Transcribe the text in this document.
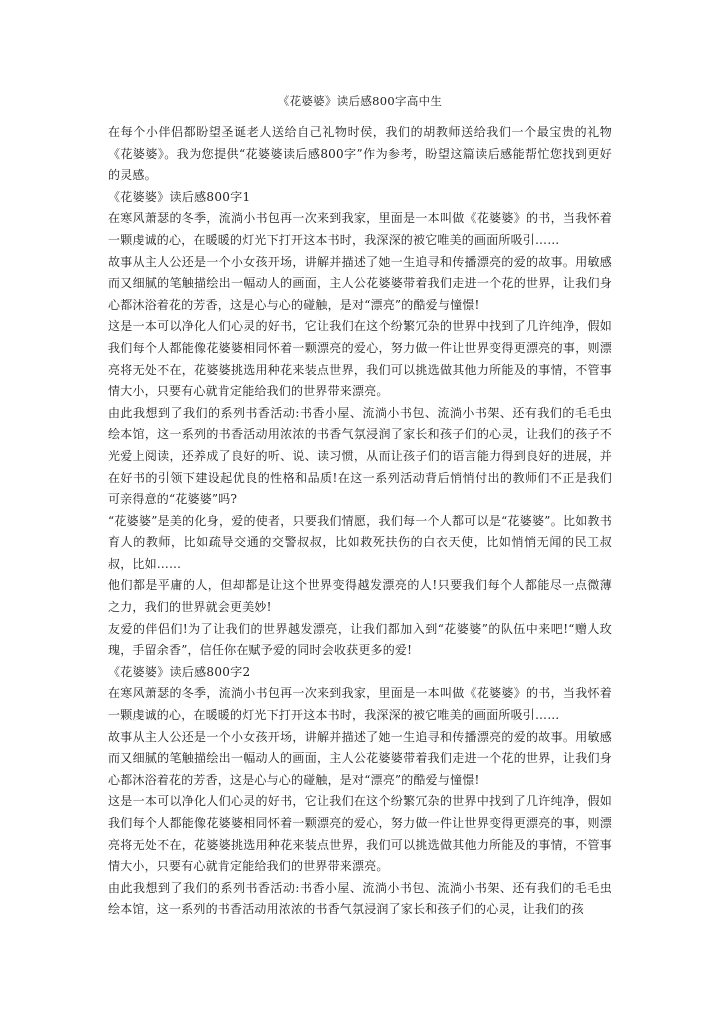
《花婆婆》读后感800字高中生

在每个小伴侣都盼望圣诞老人送给自己礼物时侯，我们的胡教师送给我们一个最宝贵的礼物《花婆婆》。我为您提供“花婆婆读后感800字”作为参考，盼望这篇读后感能帮忙您找到更好的灵感。

《花婆婆》读后感800字1

在寒风萧瑟的冬季，流淌小书包再一次来到我家，里面是一本叫做《花婆婆》的书，当我怀着一颗虔诚的心，在暖暖的灯光下打开这本书时，我深深的被它唯美的画面所吸引……

故事从主人公还是一个小女孩开场，讲解并描述了她一生追寻和传播漂亮的爱的故事。用敏感而又细腻的笔触描绘出一幅动人的画面，主人公花婆婆带着我们走进一个花的世界，让我们身心都沐浴着花的芳香，这是心与心的碰触，是对“漂亮”的酷爱与憧憬!

这是一本可以净化人们心灵的好书，它让我们在这个纷繁冗杂的世界中找到了几许纯净，假如我们每个人都能像花婆婆相同怀着一颗漂亮的爱心，努力做一件让世界变得更漂亮的事，则漂亮将无处不在，花婆婆挑选用种花来装点世界，我们可以挑选做其他力所能及的事情，不管事情大小，只要有心就肯定能给我们的世界带来漂亮。

由此我想到了我们的系列书香活动:书香小屋、流淌小书包、流淌小书架、还有我们的毛毛虫绘本馆，这一系列的书香活动用浓浓的书香气氛浸润了家长和孩子们的心灵，让我们的孩子不光爱上阅读，还养成了良好的听、说、读习惯，从而让孩子们的语言能力得到良好的进展，并在好书的引领下建设起优良的性格和品质!在这一系列活动背后悄悄付出的教师们不正是我们可亲得意的“花婆婆”吗?

“花婆婆”是美的化身，爱的使者，只要我们情愿，我们每一个人都可以是“花婆婆”。比如教书育人的教师，比如疏导交通的交警叔叔，比如救死扶伤的白衣天使，比如悄悄无闻的民工叔叔，比如……

他们都是平庸的人，但却都是让这个世界变得越发漂亮的人!只要我们每个人都能尽一点微薄之力，我们的世界就会更美妙!

友爱的伴侣们!为了让我们的世界越发漂亮，让我们都加入到“花婆婆”的队伍中来吧!“赠人玫瑰，手留余香”，信任你在赋予爱的同时会收获更多的爱!

《花婆婆》读后感800字2

在寒风萧瑟的冬季，流淌小书包再一次来到我家，里面是一本叫做《花婆婆》的书，当我怀着一颗虔诚的心，在暖暖的灯光下打开这本书时，我深深的被它唯美的画面所吸引……

故事从主人公还是一个小女孩开场，讲解并描述了她一生追寻和传播漂亮的爱的故事。用敏感而又细腻的笔触描绘出一幅动人的画面，主人公花婆婆带着我们走进一个花的世界，让我们身心都沐浴着花的芳香，这是心与心的碰触，是对“漂亮”的酷爱与憧憬!

这是一本可以净化人们心灵的好书，它让我们在这个纷繁冗杂的世界中找到了几许纯净，假如我们每个人都能像花婆婆相同怀着一颗漂亮的爱心，努力做一件让世界变得更漂亮的事，则漂亮将无处不在，花婆婆挑选用种花来装点世界，我们可以挑选做其他力所能及的事情，不管事情大小，只要有心就肯定能给我们的世界带来漂亮。

由此我想到了我们的系列书香活动:书香小屋、流淌小书包、流淌小书架、还有我们的毛毛虫绘本馆，这一系列的书香活动用浓浓的书香气氛浸润了家长和孩子们的心灵，让我们的孩
